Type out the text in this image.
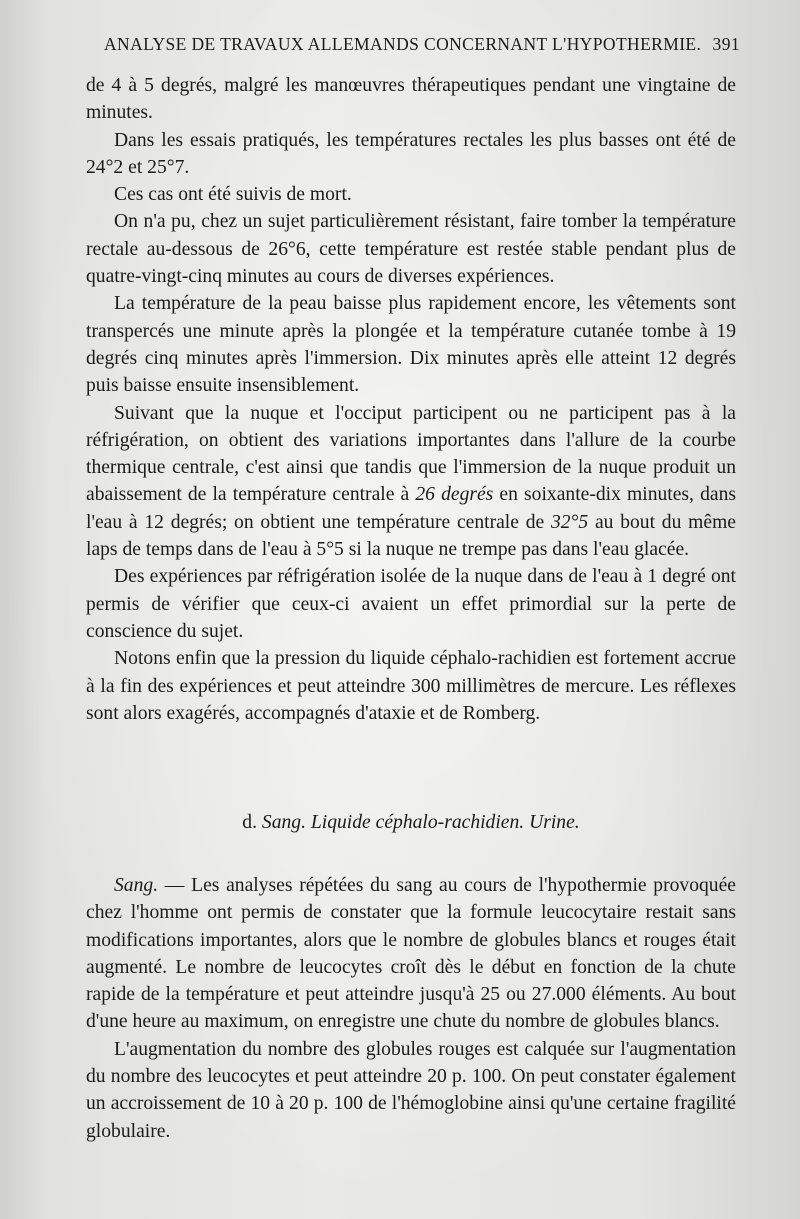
ANALYSE DE TRAVAUX ALLEMANDS CONCERNANT L'HYPOTHERMIE. 391

de 4 à 5 degrés, malgré les manœuvres thérapeutiques pendant une vingtaine de minutes.

Dans les essais pratiqués, les températures rectales les plus basses ont été de 24°2 et 25°7.

Ces cas ont été suivis de mort.

On n'a pu, chez un sujet particulièrement résistant, faire tomber la température rectale au-dessous de 26°6, cette température est restée stable pendant plus de quatre-vingt-cinq minutes au cours de diverses expériences.

La température de la peau baisse plus rapidement encore, les vêtements sont transpercés une minute après la plongée et la température cutanée tombe à 19 degrés cinq minutes après l'immersion. Dix minutes après elle atteint 12 degrés puis baisse ensuite insensiblement.

Suivant que la nuque et l'occiput participent ou ne participent pas à la réfrigération, on obtient des variations importantes dans l'allure de la courbe thermique centrale, c'est ainsi que tandis que l'immersion de la nuque produit un abaissement de la température centrale à 26 degrés en soixante-dix minutes, dans l'eau à 12 degrés; on obtient une température centrale de 32°5 au bout du même laps de temps dans de l'eau à 5°5 si la nuque ne trempe pas dans l'eau glacée.

Des expériences par réfrigération isolée de la nuque dans de l'eau à 1 degré ont permis de vérifier que ceux-ci avaient un effet primordial sur la perte de conscience du sujet.

Notons enfin que la pression du liquide céphalo-rachidien est fortement accrue à la fin des expériences et peut atteindre 300 millimètres de mercure. Les réflexes sont alors exagérés, accompagnés d'ataxie et de Romberg.

d. Sang. Liquide céphalo-rachidien. Urine.

Sang. — Les analyses répétées du sang au cours de l'hypothermie provoquée chez l'homme ont permis de constater que la formule leucocytaire restait sans modifications importantes, alors que le nombre de globules blancs et rouges était augmenté. Le nombre de leucocytes croît dès le début en fonction de la chute rapide de la température et peut atteindre jusqu'à 25 ou 27.000 éléments. Au bout d'une heure au maximum, on enregistre une chute du nombre de globules blancs.

L'augmentation du nombre des globules rouges est calquée sur l'augmentation du nombre des leucocytes et peut atteindre 20 p. 100. On peut constater également un accroissement de 10 à 20 p. 100 de l'hémoglobine ainsi qu'une certaine fragilité globulaire.
